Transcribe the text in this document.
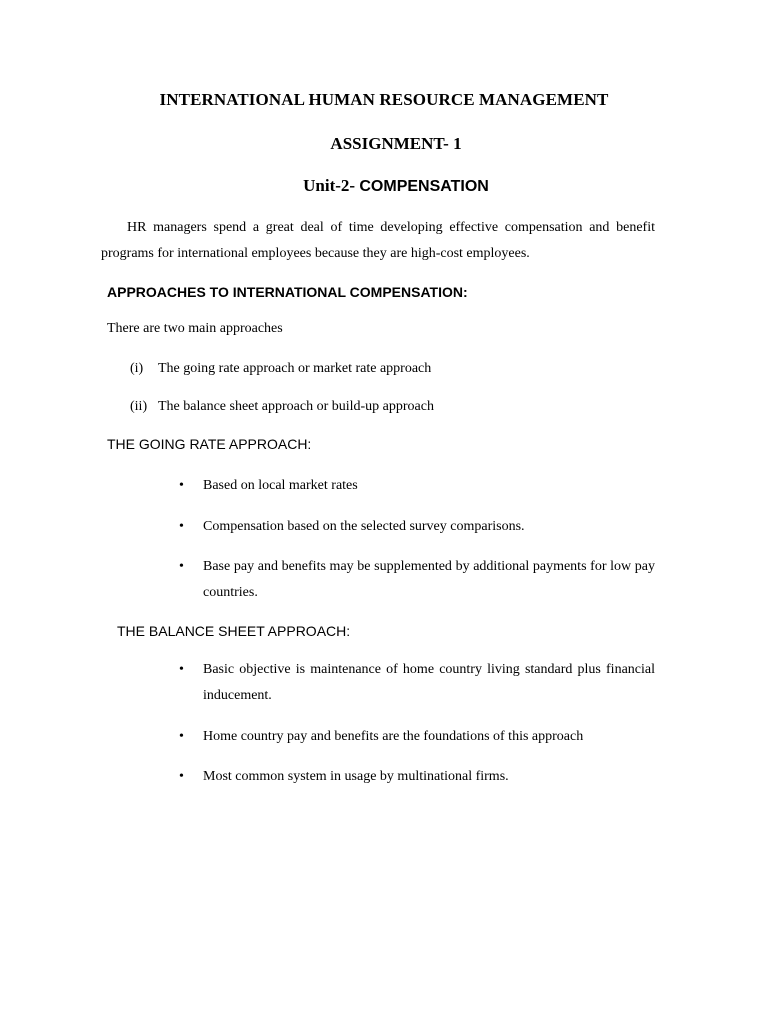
INTERNATIONAL HUMAN RESOURCE MANAGEMENT
ASSIGNMENT- 1
Unit-2- COMPENSATION
HR managers spend a great deal of time developing effective compensation and benefit programs for international employees because they are high-cost employees.
APPROACHES TO INTERNATIONAL COMPENSATION:
There are two main approaches
(i) The going rate approach or market rate approach
(ii) The balance sheet approach or build-up approach
THE GOING RATE APPROACH:
• Based on local market rates
• Compensation based on the selected survey comparisons.
• Base pay and benefits may be supplemented by additional payments for low pay countries.
THE BALANCE SHEET APPROACH:
• Basic objective is maintenance of home country living standard plus financial inducement.
• Home country pay and benefits are the foundations of this approach
• Most common system in usage by multinational firms.
